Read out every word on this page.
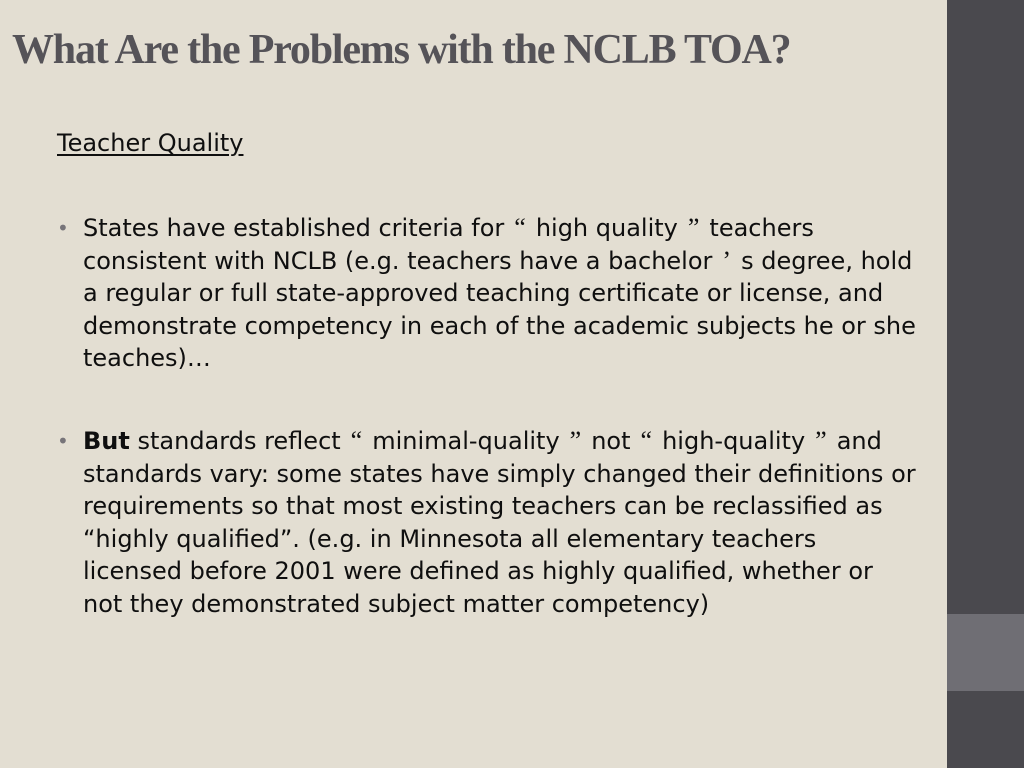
What Are the Problems with the NCLB TOA?
Teacher Quality
• States have established criteria for “ high quality ” teachers consistent with NCLB (e.g. teachers have a bachelor ’ s degree, hold a regular or full state-approved teaching certificate or license, and demonstrate competency in each of the academic subjects he or she teaches)…
• But standards reflect “ minimal-quality ” not “ high-quality ” and standards vary: some states have simply changed their definitions or requirements so that most existing teachers can be reclassified as “highly qualified”. (e.g. in Minnesota all elementary teachers licensed before 2001 were defined as highly qualified, whether or not they demonstrated subject matter competency)
